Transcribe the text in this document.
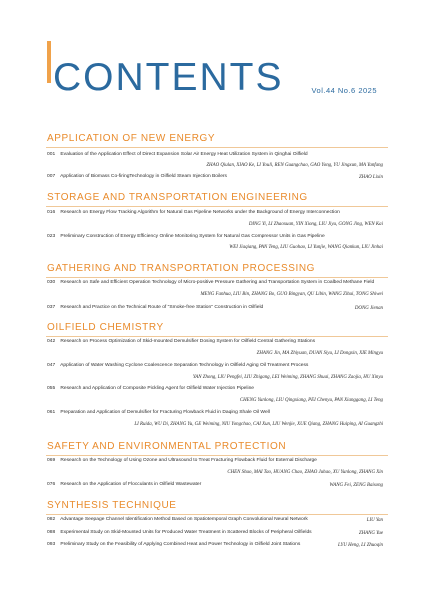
CONTENTS	Vol.44 No.6 2025
APPLICATION OF NEW ENERGY
001 Evaluation of the Application Effect of Direct Expansion Solar Air Energy Heat Utilization System in Qinghai Oilfield
ZHAO Qiulan, XIAO Ke, LI Youli, REN Guangchao, GAO Yong, YU Jingxun, MA Yanfang
007 Application of Biomass Co-firingTechnology in Oilfield Steam Injection Boilers	ZHAO Lixin
STORAGE AND TRANSPORTATION ENGINEERING
016 Research on Energy Flow Tracking Algorithm for Natural Gas Pipeline Networks under the Background of Energy Interconnection
DING Yi, LI Zhaoxuan, YIN Xiong, LIU Jiyu, GONG Jing, WEN Kai
023 Preliminary Construction of Energy Efficiency Online Monitoring System for Natural Gas Compressor Units in Gas Pipeline
WEI Jiaqiang, PAN Teng, LIU Guohao, LI Yunjie, WANG Qiankun, LIU Jinhai
GATHERING AND TRANSPORTATION PROCESSING
030 Research on Safe and Efficient Operation Technology of Micro-positive Pressure Gathering and Transportation System in Coalbed Methane Field
MENG Fanhua, LIU Bin, ZHANG Bo, GUO Bingyan, QU Libin, WANG Zihui, TONG Shiwei
037 Research and Practice on the Technical Route of "Smoke-free Station" Construction in Oilfield	DONG Jienan
OILFIELD CHEMISTRY
042 Research on Process Optimization of Skid-mounted Demulsifier Dosing System for Oilfield Central Gathering Stations
ZHANG Jin, MA Zhiyuan, DUAN Siyu, LI Dongxin, XIE Mingyu
047 Application of Water Washing Cyclone Coalescence Separation Technology in Oilfield Aging Oil Treatment Process
YAN Zhong, LIU Pengfei, LIU Zhigang, LEI Weiming, ZHANG Shuai, ZHANG Zaojia, HU Xinyu
055 Research and Application of Composite Pickling Agent for Oilfield Water Injection Pipeline
CHENG Yunlong, LIU Qingxiang, PEI Chenyu, PAN Xianggang, LI Teng
061 Preparation and Application of Demulsifier for Fracturing Flowback Fluid in Daqing Shale Oil Well
LI Ruida, WU Di, ZHANG Yu, GE Weiming, NIU Yongchao, CAI Xun, LIU Wenjie, XUE Qiang, ZHANG Huiping, AI Guangzhi
SAFETY AND ENVIRONMENTAL PROTECTION
069 Research on the Technology of Using Ozone and Ultrasound to Treat Fracturing Flowback Fluid for External Discharge
CHEN Shuo, MAI Tao, HUANG Chao, ZHAO Juhao, XU Yunlong, ZHANG Xin
076 Research on the Application of Flocculants in Oilfield Wastewater	WANG Fei, ZENG Baisong
SYNTHESIS TECHNIQUE
082 Advantage Seepage Channel Identification Method Based on Spatiotemporal Graph Convolutional Neural Network	LIU Yan
088 Experimental Study on Skid-Mounted Units for Produced Water Treatment in Scattered Blocks of Peripheral Oilfields	ZHANG Yue
093 Preliminary Study on the Feasibility of Applying Combined Heat and Power Technology in Oilfield Joint Stations	LYU Heng, LI Zhuoqin
